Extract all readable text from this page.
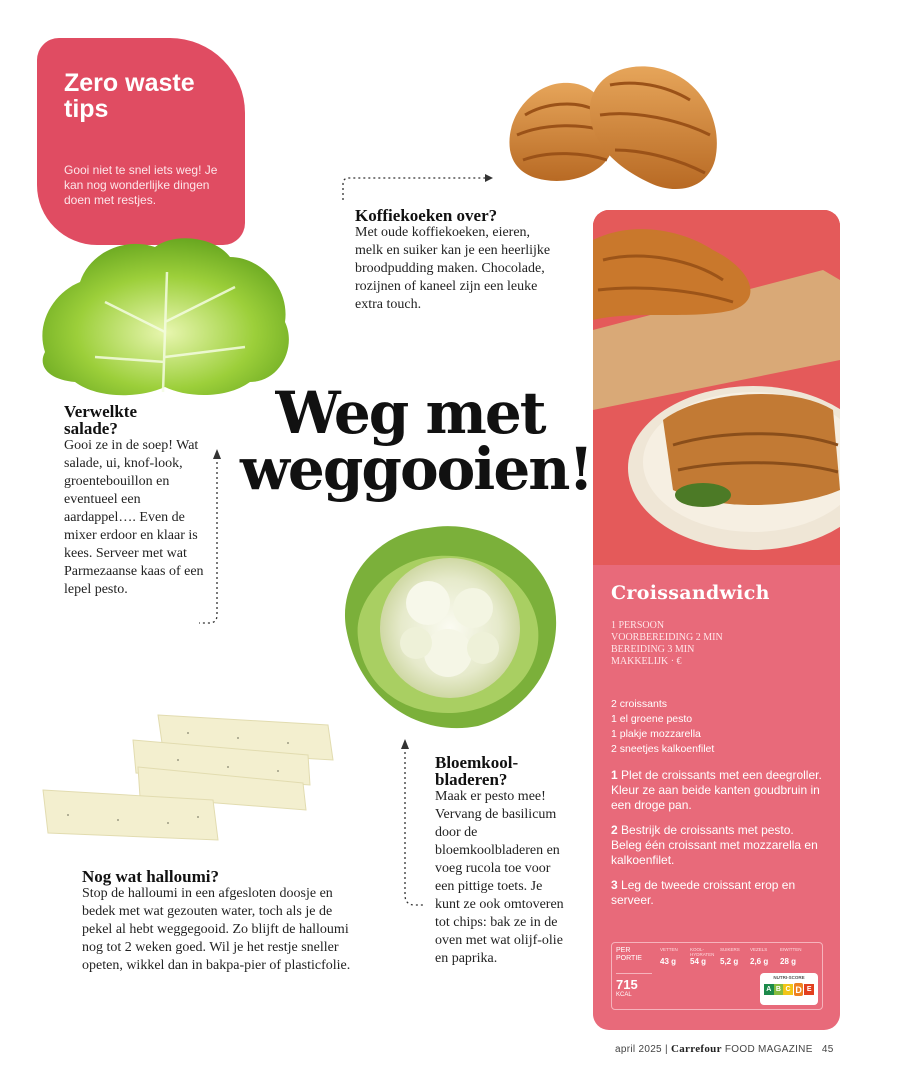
Zero waste tips

Gooi niet te snel iets weg! Je kan nog wonderlijke dingen doen met restjes.

Koffiekoeken over?

Met oude koffiekoeken, eieren, melk en suiker kan je een heerlijke broodpudding maken. Chocolade, rozijnen of kaneel zijn een leuke extra touch.

Verwelkte
salade?

Gooi ze in de soep! Wat salade, ui, knof-look, groentebouillon en eventueel een aardappel…. Even de mixer erdoor en klaar is kees. Serveer met wat Parmezaanse kaas of een lepel pesto.

Weg met
weggooien!
Bloemkool-
bladeren?

Maak er pesto mee! Vervang de basilicum door de bloemkoolbladeren en voeg rucola toe voor een pittige toets. Je kunt ze ook omtoveren tot chips: bak ze in de oven met wat olijf-olie en paprika.

Nog wat halloumi?

Stop de halloumi in een afgesloten doosje en bedek met wat gezouten water, toch als je de pekel al hebt weggegooid. Zo blijft de halloumi nog tot 2 weken goed. Wil je het restje sneller opeten, wikkel dan in bakpa-pier of plasticfolie.

Croissandwich
1 PERSOON
VOORBEREIDING 2 MIN
BEREIDING 3 MIN
MAKKELIJK · €
2 croissants
1 el groene pesto
1 plakje mozzarella
2 sneetjes kalkoenfilet
1 Plet de croissants met een deegroller. Kleur ze aan beide kanten goudbruin in een droge pan.
2 Bestrijk de croissants met pesto. Beleg één croissant met mozzarella en kalkoenfilet.
3 Leg de tweede croissant erop en serveer.
PER
PORTIE
VETTEN
43 g
KOOL-HYDRATEN
54 g
SUIKERS
5,2 g
VEZELS
2,6 g
EIWITTEN
28 g
715
KCAL
NUTRI-SCORE
A B C D E
april 2025 | Carrefour FOOD MAGAZINE 45
